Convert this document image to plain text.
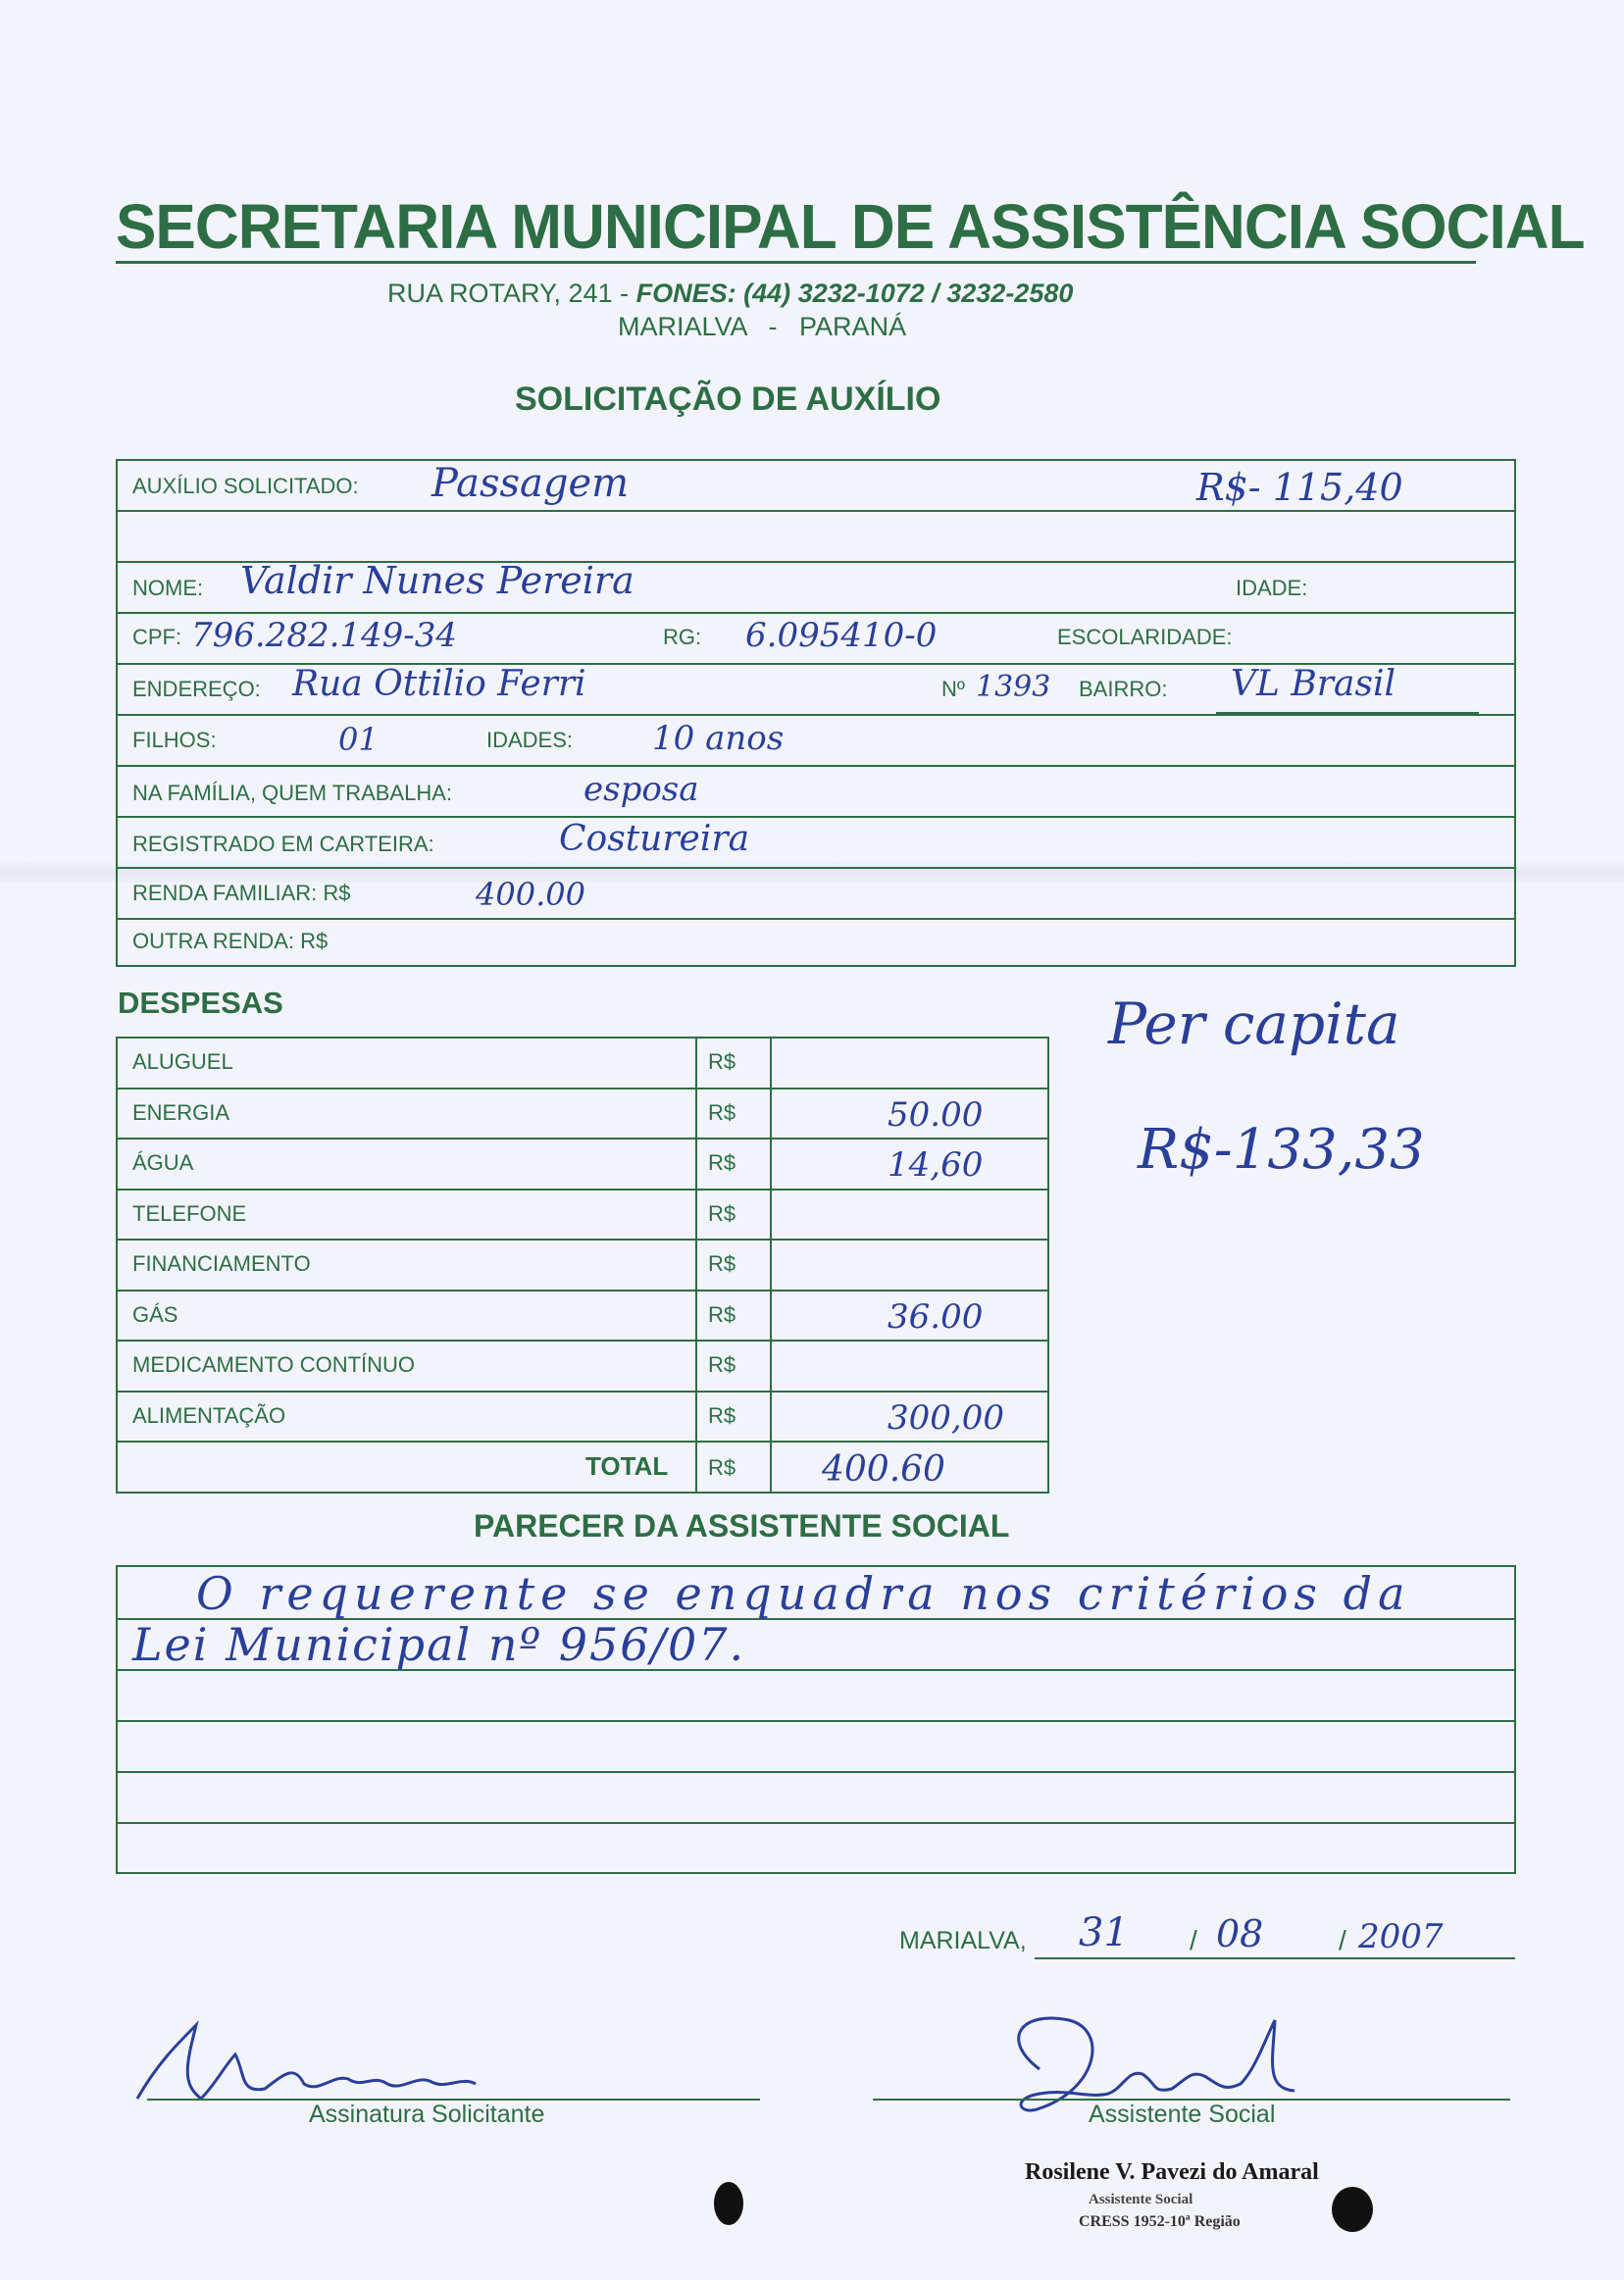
SECRETARIA MUNICIPAL DE ASSISTÊNCIA SOCIAL
RUA ROTARY, 241 - FONES: (44) 3232-1072 / 3232-2580
MARIALVA   -   PARANÁ
SOLICITAÇÃO DE AUXÍLIO
AUXÍLIO SOLICITADO: Passagem	R$- 115,40
NOME: Valdir Nunes Pereira	IDADE:
CPF: 796.282.149-34	RG: 6.095410-0	ESCOLARIDADE:
ENDEREÇO: Rua Ottilio Ferri	Nº 1393 BAIRRO: VL Brasil
FILHOS:	01	IDADES: 10 anos
NA FAMÍLIA, QUEM TRABALHA:	esposa
REGISTRADO EM CARTEIRA:	Costureira
RENDA FAMILIAR: R$	400.00
OUTRA RENDA: R$
DESPESAS
ALUGUEL	R$
ENERGIA	R$	50.00
ÁGUA	R$	14,60
TELEFONE	R$
FINANCIAMENTO	R$
GÁS	R$	36.00
MEDICAMENTO CONTÍNUO	R$
ALIMENTAÇÃO	R$	300,00
TOTAL R$ 400.60
Per capita
R$-133,33
PARECER DA ASSISTENTE SOCIAL
O requerente se enquadra nos critérios da
Lei Municipal nº 956/07.
MARIALVA, 31 / 08	/ 2007
Assinatura Solicitante	Assistente Social
Rosilene V. Pavezi do Amaral
Assistente Social
CRESS 1952-10ª Região
